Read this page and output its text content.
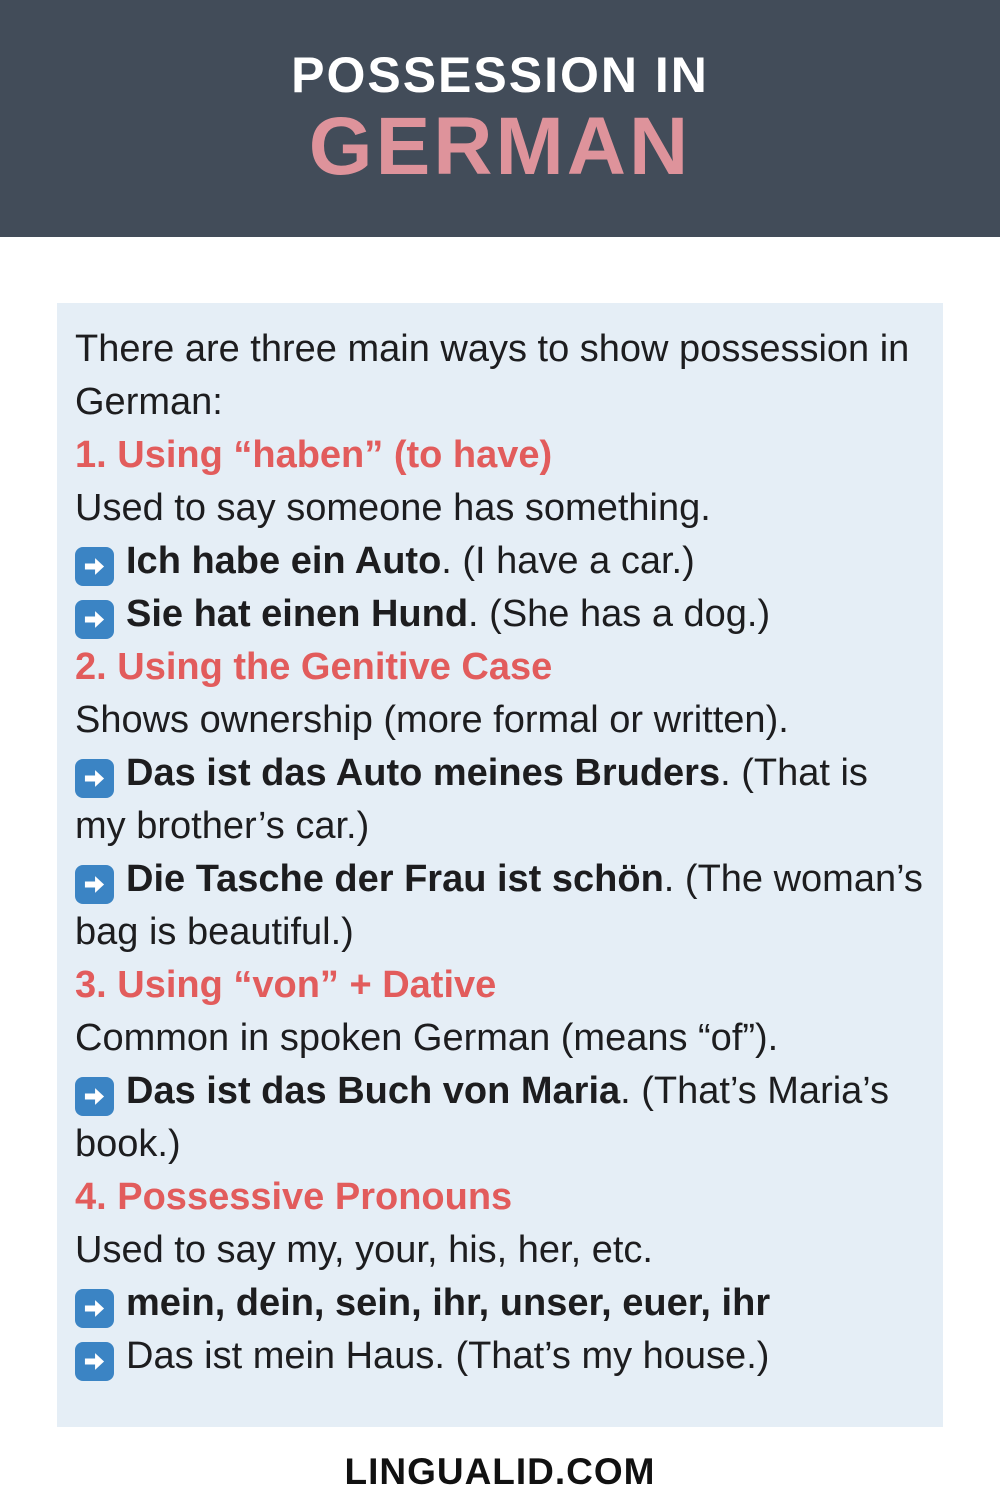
POSSESSION IN
GERMAN

There are three main ways to show possession in German:

1. Using “haben” (to have)

Used to say someone has something.

Ich habe ein Auto. (I have a car.)

Sie hat einen Hund. (She has a dog.)

2. Using the Genitive Case

Shows ownership (more formal or written).

Das ist das Auto meines Bruders. (That is my brother’s car.)

Die Tasche der Frau ist schön. (The woman’s bag is beautiful.)

3. Using “von” + Dative

Common in spoken German (means “of”).

Das ist das Buch von Maria. (That’s Maria’s book.)

4. Possessive Pronouns

Used to say my, your, his, her, etc.

mein, dein, sein, ihr, unser, euer, ihr

Das ist mein Haus. (That’s my house.)

LINGUALID.COM
